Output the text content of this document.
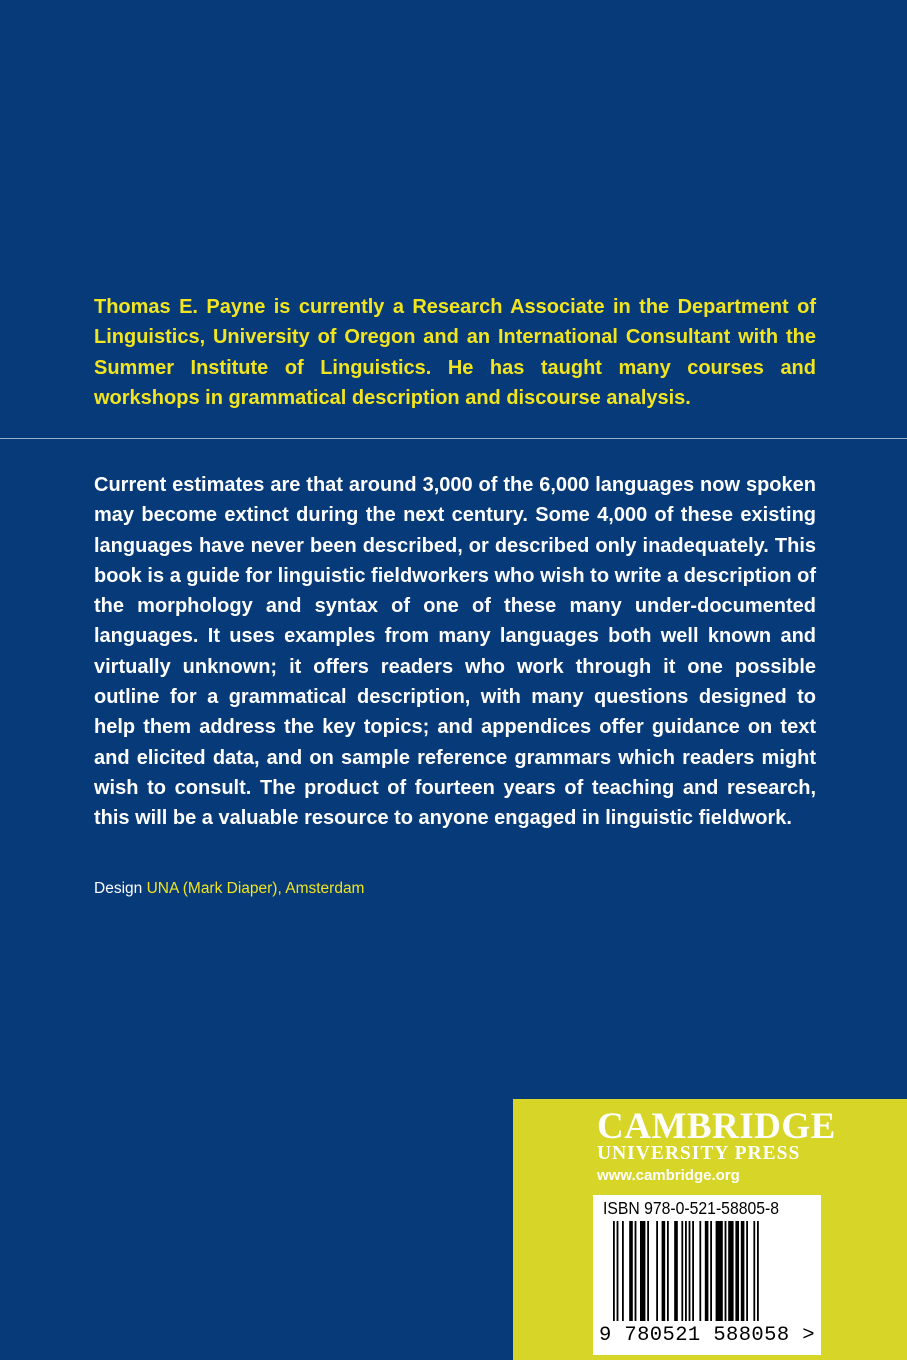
Thomas E. Payne is currently a Research Associate in the Department of Linguistics, University of Oregon and an International Consultant with the Summer Institute of Linguistics. He has taught many courses and workshops in grammatical description and discourse analysis.

Current estimates are that around 3,000 of the 6,000 languages now spoken may become extinct during the next century. Some 4,000 of these existing languages have never been described, or described only inadequately. This book is a guide for linguistic fieldworkers who wish to write a description of the morphology and syntax of one of these many under-documented languages. It uses examples from many languages both well known and virtually unknown; it offers readers who work through it one possible outline for a grammatical description, with many questions designed to help them address the key topics; and appendices offer guidance on text and elicited data, and on sample reference grammars which readers might wish to consult. The product of fourteen years of teaching and research, this will be a valuable resource to anyone engaged in linguistic fieldwork.

Design UNA (Mark Diaper), Amsterdam
CAMBRIDGE
UNIVERSITY PRESS
www.cambridge.org
ISBN 978-0-521-58805-8
9 780521 588058 >
